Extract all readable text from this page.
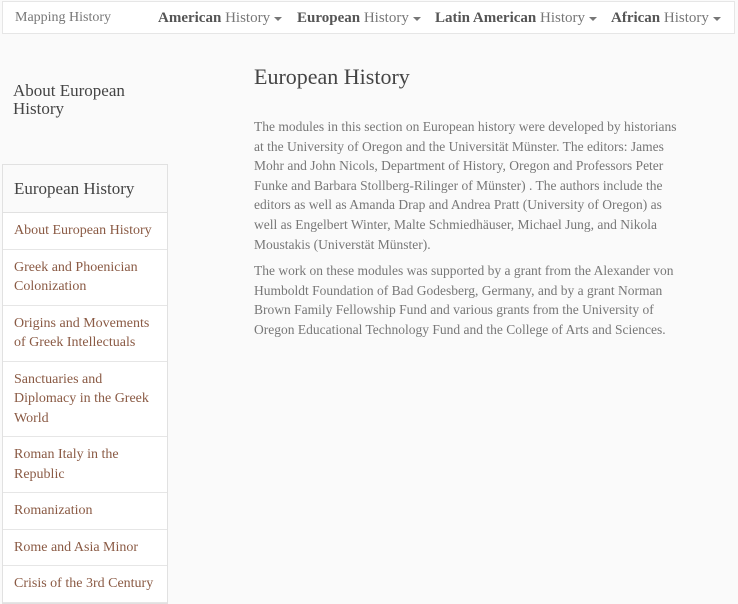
Mapping History	American History	European History	Latin American History	African History
About European History
European History
About European History
Greek and Phoenician Colonization
Origins and Movements of Greek Intellectuals
Sanctuaries and Diplomacy in the Greek World
Roman Italy in the Republic
Romanization
Rome and Asia Minor
Crisis of the 3rd Century
European History

The modules in this section on European history were developed by historians at the University of Oregon and the Universität Münster. The editors: James Mohr and John Nicols, Department of History, Oregon and Professors Peter Funke and Barbara Stollberg-Rilinger of Münster) . The authors include the editors as well as Amanda Drap and Andrea Pratt (University of Oregon) as well as Engelbert Winter, Malte Schmiedhäuser, Michael Jung, and Nikola Moustakis (Universtät Münster).

The work on these modules was supported by a grant from the Alexander von Humboldt Foundation of Bad Godesberg, Germany, and by a grant Norman Brown Family Fellowship Fund and various grants from the University of Oregon Educational Technology Fund and the College of Arts and Sciences.
